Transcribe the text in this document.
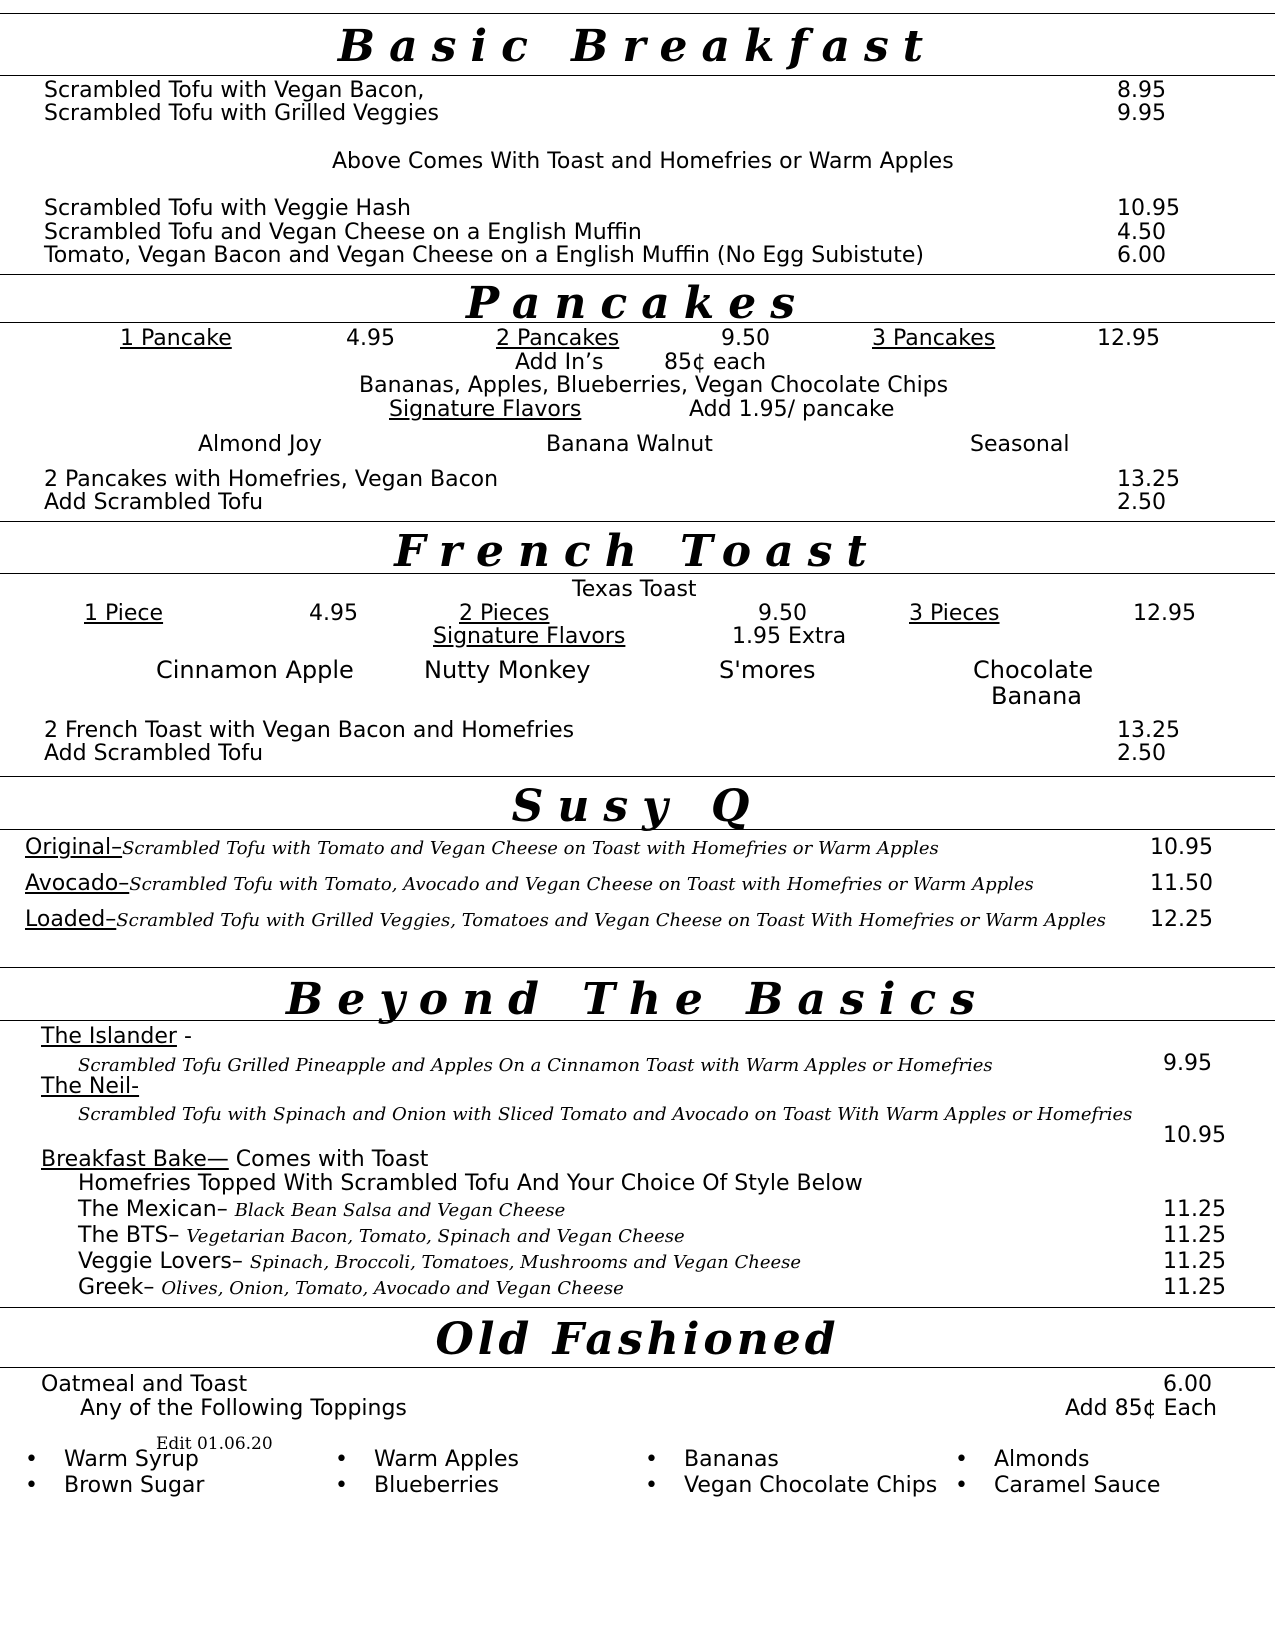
Basic Breakfast
Scrambled Tofu with Vegan Bacon,	8.95
Scrambled Tofu with Grilled Veggies	9.95
Above Comes With Toast and Homefries or Warm Apples
Scrambled Tofu with Veggie Hash	10.95
Scrambled Tofu and Vegan Cheese on a English Muffin	4.50
Tomato, Vegan Bacon and Vegan Cheese on a English Muffin (No Egg Subistute)	6.00
Pancakes
1 Pancake	4.95	2 Pancakes	9.50	3 Pancakes	12.95
Add In’s	85¢ each
Bananas, Apples, Blueberries, Vegan Chocolate Chips
Signature Flavors	Add 1.95/ pancake
Almond Joy	Banana Walnut	Seasonal
2 Pancakes with Homefries, Vegan Bacon	13.25
Add Scrambled Tofu	2.50
French Toast
Texas Toast
1 Piece	4.95	2 Pieces	9.50	3 Pieces	12.95
Signature Flavors	1.95 Extra
Cinnamon Apple	Nutty Monkey	S'mores	Chocolate
Banana
2 French Toast with Vegan Bacon and Homefries	13.25
Add Scrambled Tofu	2.50
Susy Q
Original–Scrambled Tofu with Tomato and Vegan Cheese on Toast with Homefries or Warm Apples	10.95
Avocado–Scrambled Tofu with Tomato, Avocado and Vegan Cheese on Toast with Homefries or Warm Apples	11.50
Loaded–Scrambled Tofu with Grilled Veggies, Tomatoes and Vegan Cheese on Toast With Homefries or Warm Apples 12.25
Beyond The Basics
The Islander -
Scrambled Tofu Grilled Pineapple and Apples On a Cinnamon Toast with Warm Apples or Homefries	9.95
The Neil-
Scrambled Tofu with Spinach and Onion with Sliced Tomato and Avocado on Toast With Warm Apples or Homefries
10.95
Breakfast Bake— Comes with Toast
Homefries Topped With Scrambled Tofu And Your Choice Of Style Below
The Mexican– Black Bean Salsa and Vegan Cheese	11.25
The BTS– Vegetarian Bacon, Tomato, Spinach and Vegan Cheese	11.25
Veggie Lovers– Spinach, Broccoli, Tomatoes, Mushrooms and Vegan Cheese	11.25
Greek– Olives, Onion, Tomato, Avocado and Vegan Cheese	11.25
Old Fashioned
Oatmeal and Toast	6.00
Any of the Following Toppings	Add 85¢ Each
Edit 01.06.20
• Warm Syrup
• Brown Sugar
• Warm Apples
• Blueberries
• Bananas
• Vegan Chocolate Chips
• Almonds
• Caramel Sauce
